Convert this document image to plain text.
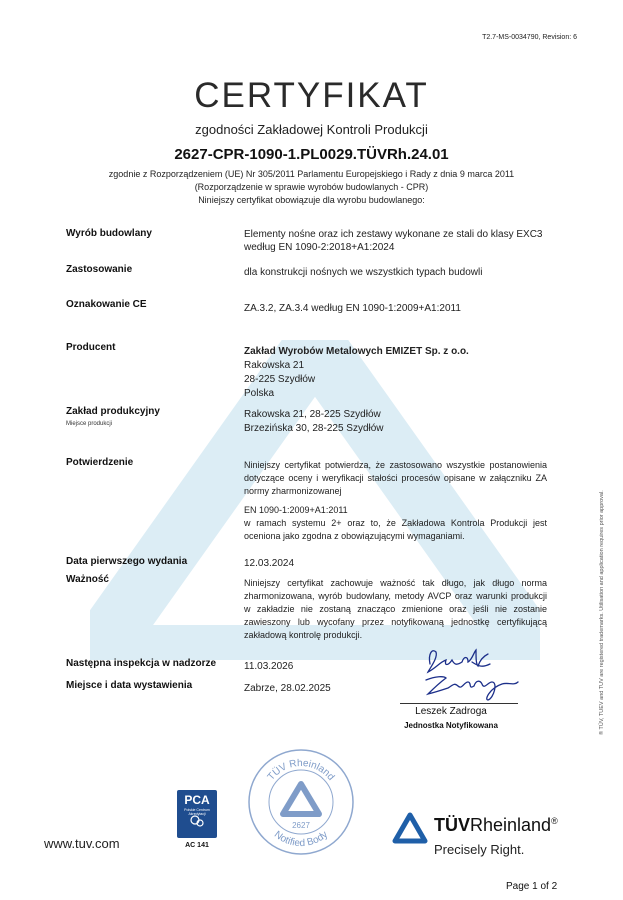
T2.7-MS-0034790, Revision: 6
CERTYFIKAT
zgodności Zakładowej Kontroli Produkcji
2627-CPR-1090-1.PL0029.TÜVRh.24.01
zgodnie z Rozporządzeniem (UE) Nr 305/2011 Parlamentu Europejskiego i Rady z dnia 9 marca 2011
(Rozporządzenie w sprawie wyrobów budowlanych - CPR)
Niniejszy certyfikat obowiązuje dla wyrobu budowlanego:
Wyrób budowlany	Elementy nośne oraz ich zestawy wykonane ze stali do klasy EXC3
według EN 1090-2:2018+A1:2024
Zastosowanie	dla konstrukcji nośnych we wszystkich typach budowli
Oznakowanie CE	ZA.3.2, ZA.3.4 według EN 1090-1:2009+A1:2011
Producent	Zakład Wyrobów Metalowych EMIZET Sp. z o.o.
Rakowska 21
28-225 Szydłów
Polska
Zakład produkcyjny
Miejsce produkcji
Rakowska 21, 28-225 Szydłów
Brzezińska 30, 28-225 Szydłów
Potwierdzenie	Niniejszy certyfikat potwierdza, że zastosowano wszystkie postanowienia dotyczące oceny i weryfikacji stałości procesów opisane w załączniku ZA normy zharmonizowanej
EN 1090-1:2009+A1:2011
w ramach systemu 2+ oraz to, że Zakładowa Kontrola Produkcji jest oceniona jako zgodna z obowiązującymi wymaganiami.
Data pierwszego wydania	12.03.2024
Ważność	Niniejszy certyfikat zachowuje ważność tak długo, jak długo norma zharmonizowana, wyrób budowlany, metody AVCP oraz warunki produkcji w zakładzie nie zostaną znacząco zmienione oraz jeśli nie zostanie zawieszony lub wycofany przez notyfikowaną jednostkę certyfikującą zakładową kontrolę produkcji.
Następna inspekcja w nadzorze	11.03.2026
Miejsce i data wystawienia	Zabrze, 28.02.2025
Leszek Zadroga
Jednostka Notyfikowana	® TÜV, TUEV and TUV are registered trademarks. Utilisation and application requires prior approval.
www.tuv.com
PCA
Polskie Centrum Akredytacji
AC 141
TÜV Rheinland
Notified Body
2627	TÜVRheinland®
Precisely Right.
Page 1 of 2
